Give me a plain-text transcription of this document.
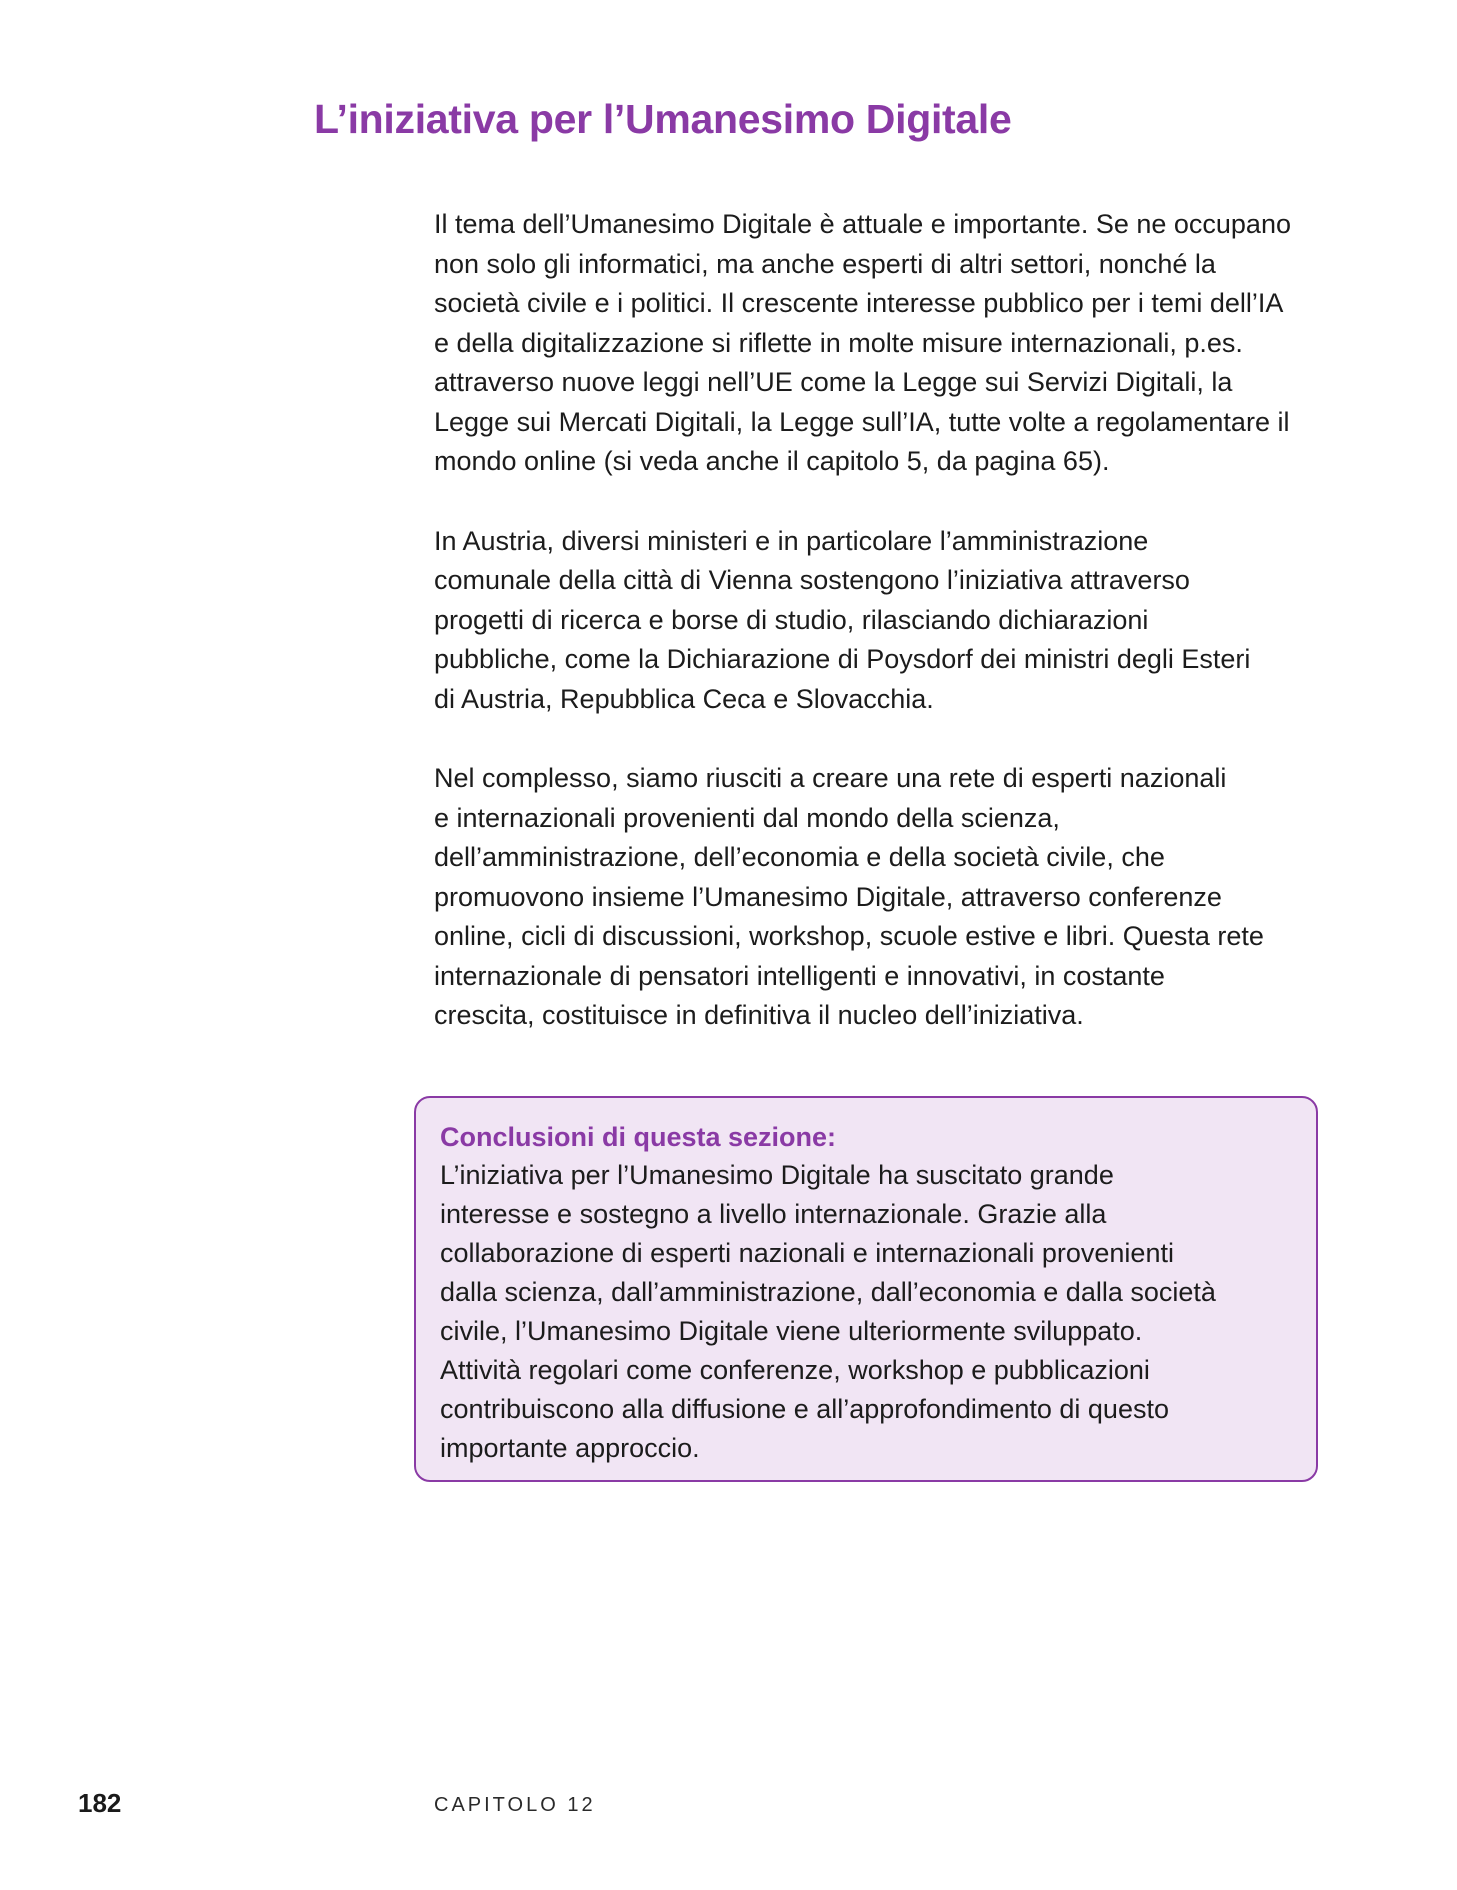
L’iniziativa per l’Umanesimo Digitale

Il tema dell’Umanesimo Digitale è attuale e importante. Se ne occupano
non solo gli informatici, ma anche esperti di altri settori, nonché la
società civile e i politici. Il crescente interesse pubblico per i temi dell’IA
e della digitalizzazione si riflette in molte misure internazionali, p.es.
attraverso nuove leggi nell’UE come la Legge sui Servizi Digitali, la
Legge sui Mercati Digitali, la Legge sull’IA, tutte volte a regolamentare il
mondo online (si veda anche il capitolo 5, da pagina 65).

In Austria, diversi ministeri e in particolare l’amministrazione
comunale della città di Vienna sostengono l’iniziativa attraverso
progetti di ricerca e borse di studio, rilasciando dichiarazioni
pubbliche, come la Dichiarazione di Poysdorf dei ministri degli Esteri
di Austria, Repubblica Ceca e Slovacchia.

Nel complesso, siamo riusciti a creare una rete di esperti nazionali
e internazionali provenienti dal mondo della scienza,
dell’amministrazione, dell’economia e della società civile, che
promuovono insieme l’Umanesimo Digitale, attraverso conferenze
online, cicli di discussioni, workshop, scuole estive e libri. Questa rete
internazionale di pensatori intelligenti e innovativi, in costante
crescita, costituisce in definitiva il nucleo dell’iniziativa.

Conclusioni di questa sezione:
L’iniziativa per l’Umanesimo Digitale ha suscitato grande
interesse e sostegno a livello internazionale. Grazie alla
collaborazione di esperti nazionali e internazionali provenienti
dalla scienza, dall’amministrazione, dall’economia e dalla società
civile, l’Umanesimo Digitale viene ulteriormente sviluppato.
Attività regolari come conferenze, workshop e pubblicazioni
contribuiscono alla diffusione e all’approfondimento di questo
importante approccio.
182	CAPITOLO 12
